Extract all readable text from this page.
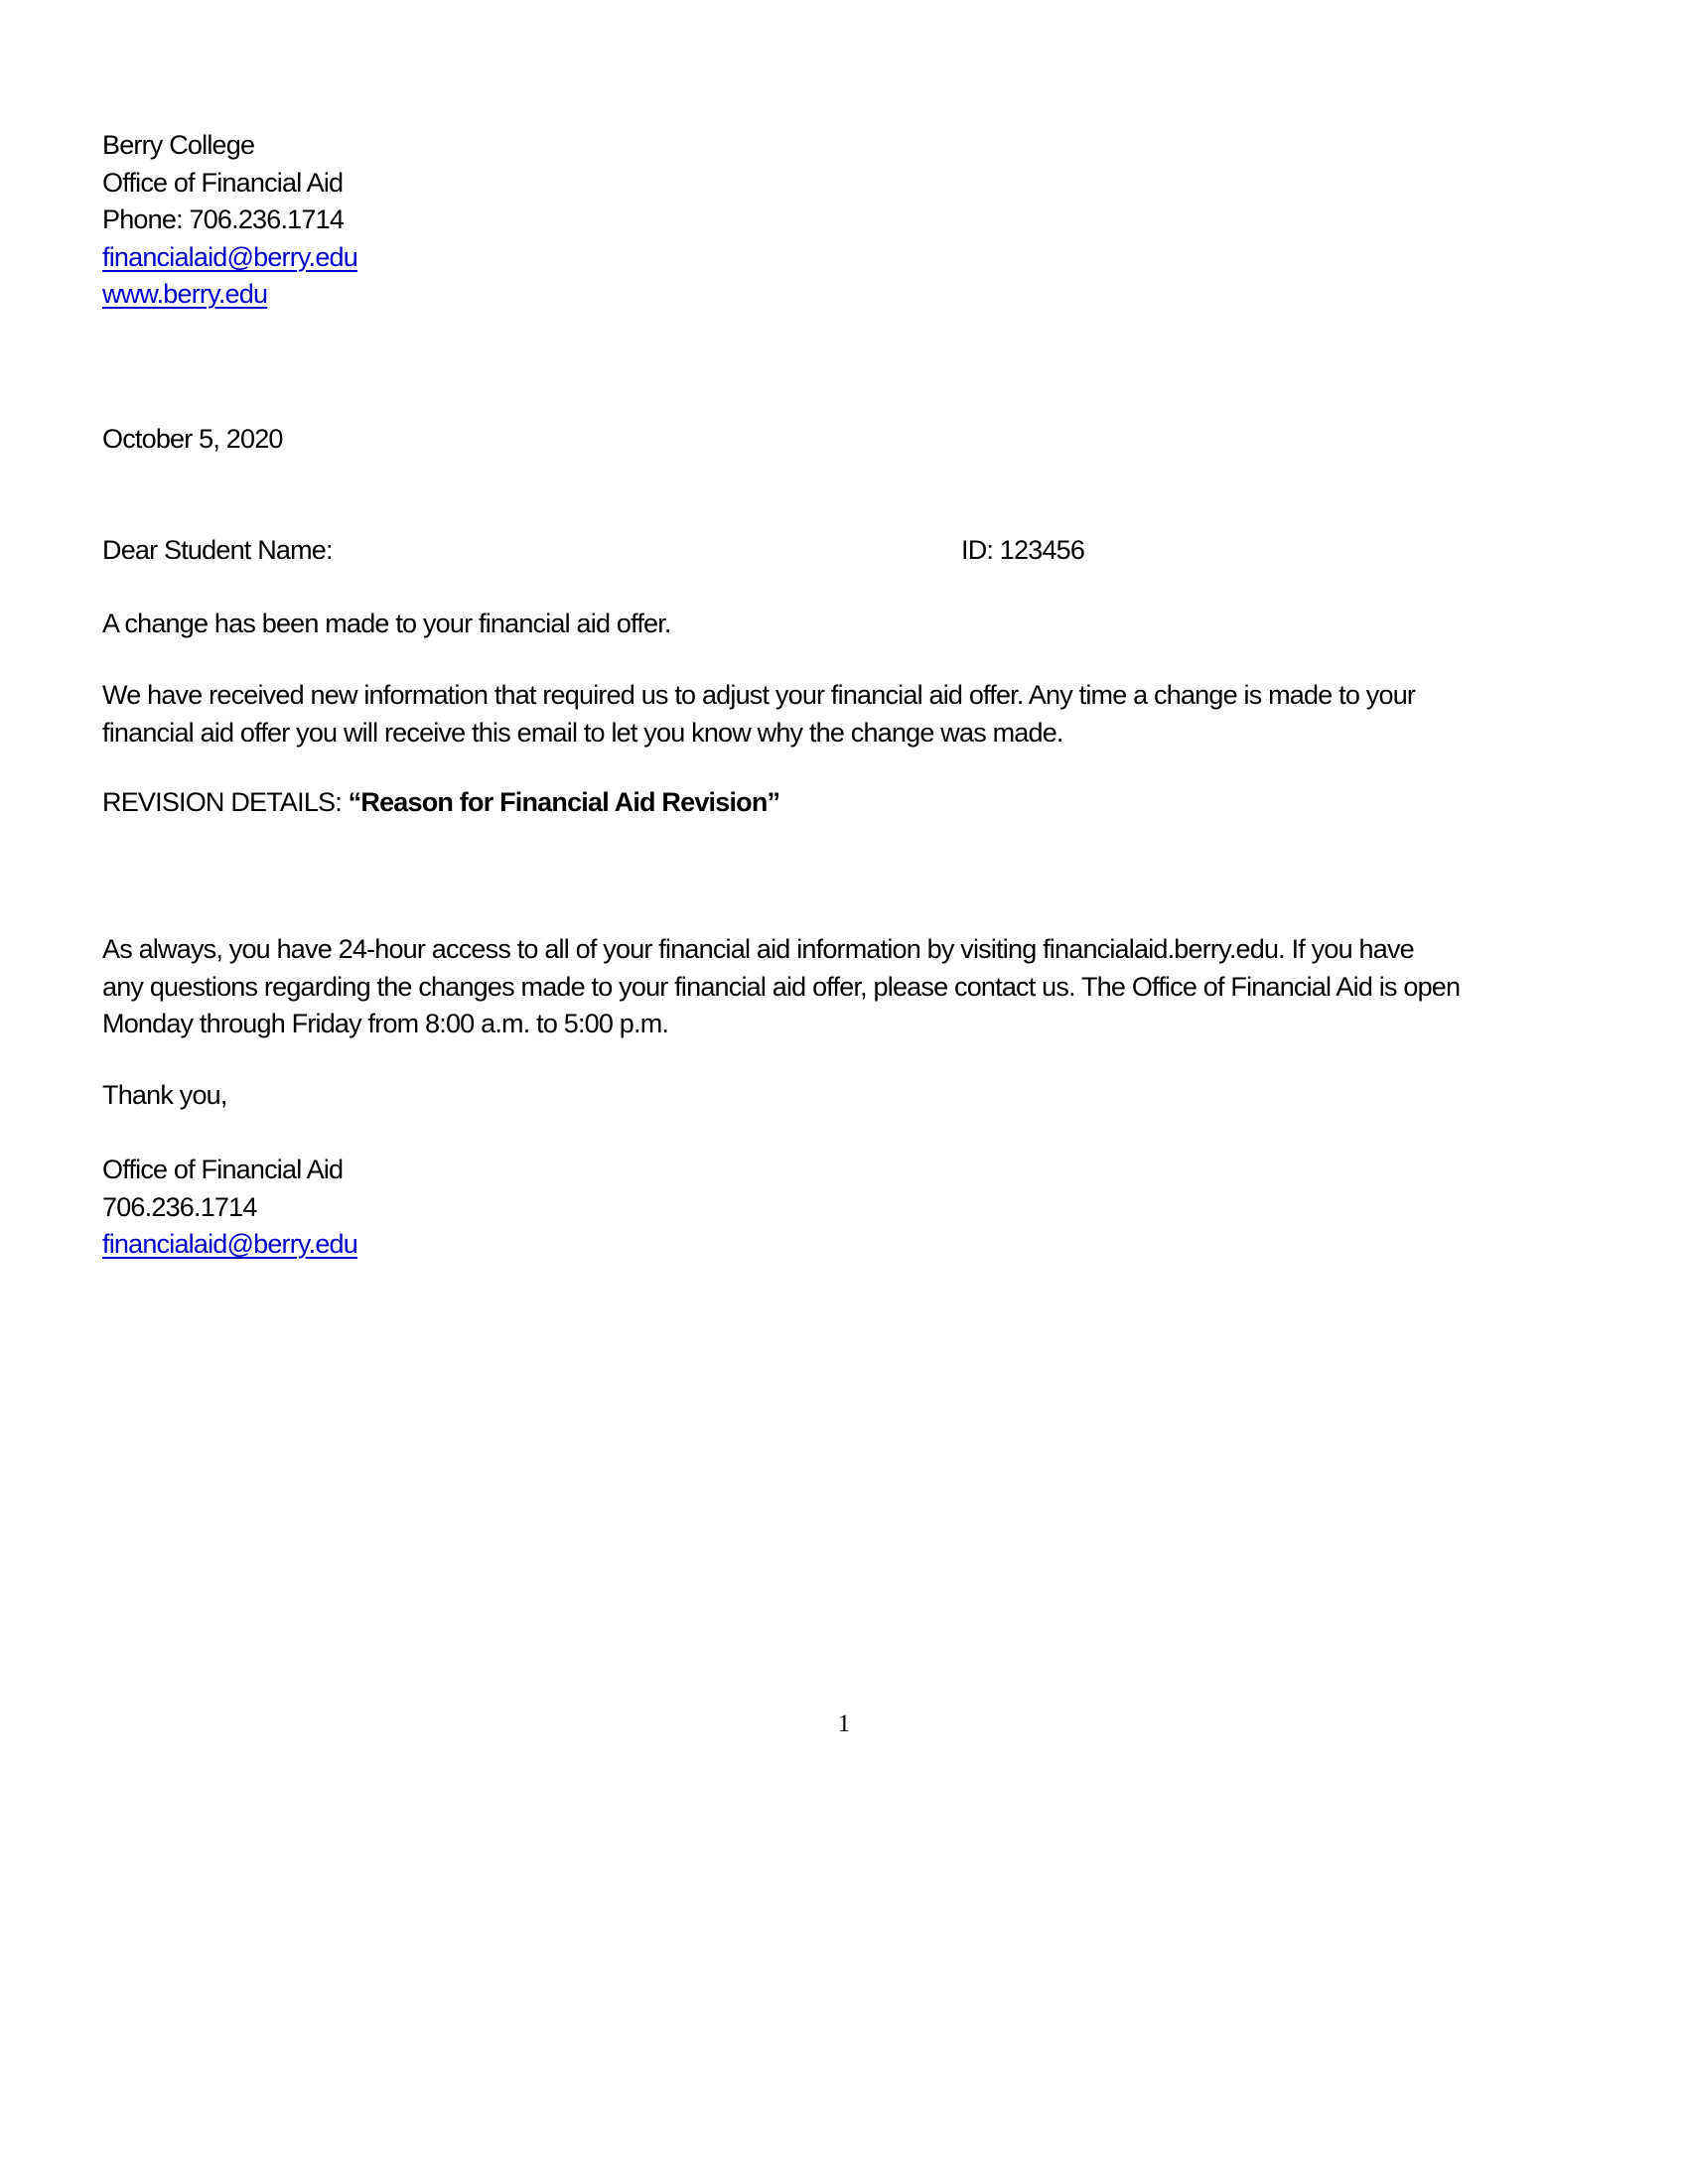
Berry College
Office of Financial Aid
Phone: 706.236.1714
financialaid@berry.edu
www.berry.edu
October 5, 2020
Dear Student Name:	ID: 123456
A change has been made to your financial aid offer.
We have received new information that required us to adjust your financial aid offer. Any time a change is made to your
financial aid offer you will receive this email to let you know why the change was made.
REVISION DETAILS: “Reason for Financial Aid Revision”
As always, you have 24-hour access to all of your financial aid information by visiting financialaid.berry.edu. If you have
any questions regarding the changes made to your financial aid offer, please contact us. The Office of Financial Aid is open
Monday through Friday from 8:00 a.m. to 5:00 p.m.
Thank you,
Office of Financial Aid
706.236.1714
financialaid@berry.edu
1
